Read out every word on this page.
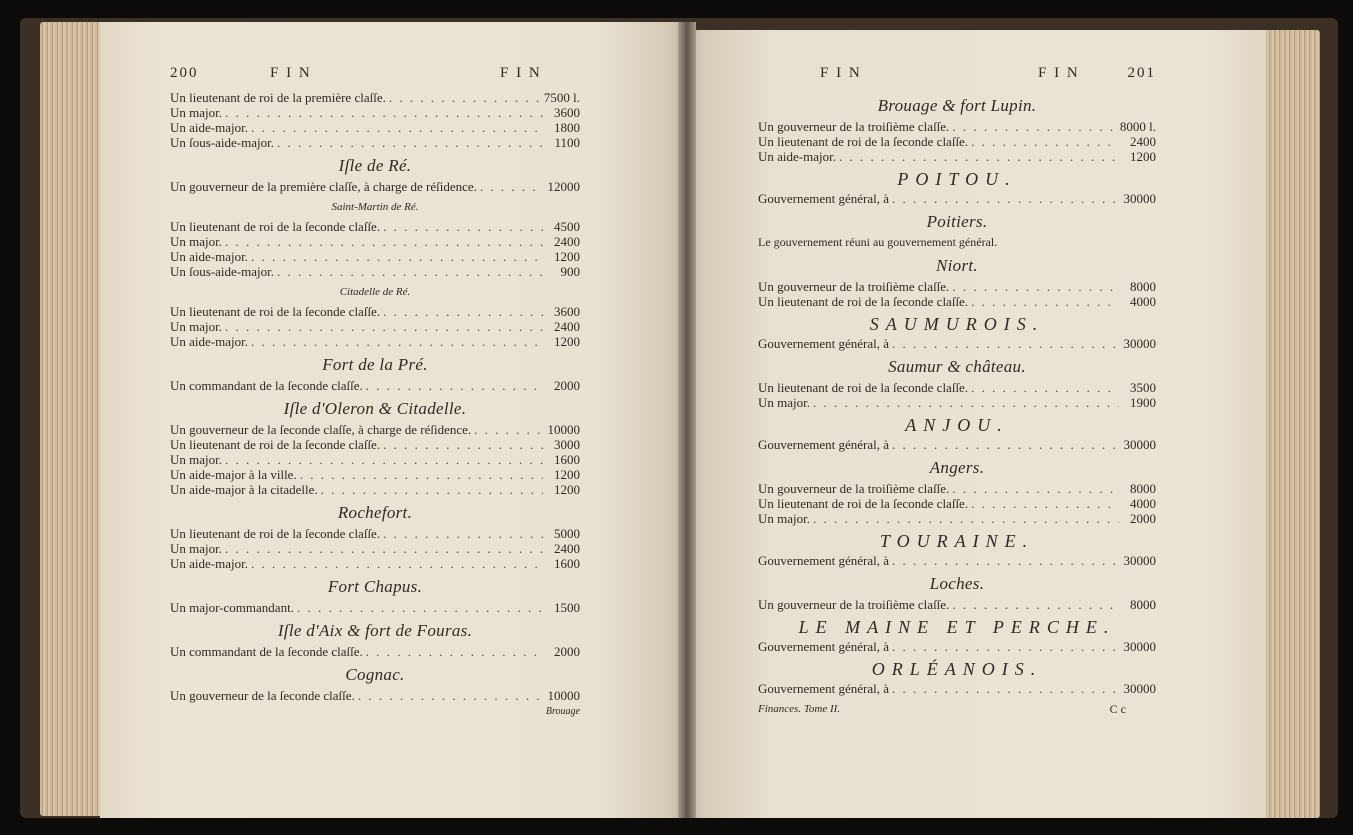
200	F I N	F I N
Un lieutenant de roi de la première claſſe. . . .	7500 l.
Un major. . . .	3600
Un aide-major. . . .	1800
Un ſous-aide-major. . . .	1100
Iſle de Ré.
Un gouverneur de la première claſſe, à charge de réſidence. . . .	12000
Saint-Martin de Ré.
Un lieutenant de roi de la ſeconde claſſe. . . .	4500
Un major. . . .	2400
Un aide-major. . . .	1200
Un ſous-aide-major. . . .	900
Citadelle de Ré.
Un lieutenant de roi de la ſeconde claſſe. . . .	3600
Un major. . . .	2400
Un aide-major. . . .	1200
Fort de la Pré.
Un commandant de la ſeconde claſſe. . . .	2000
Iſle d'Oleron & Citadelle.
Un gouverneur de la ſeconde claſſe, à charge de réſidence. . . .	10000
Un lieutenant de roi de la ſeconde claſſe. . . .	3000
Un major. . . .	1600
Un aide-major à la ville. . . .	1200
Un aide-major à la citadelle. . . .	1200
Rochefort.
Un lieutenant de roi de la ſeconde claſſe. . . .	5000
Un major. . . .	2400
Un aide-major. . . .	1600
Fort Chapus.
Un major-commandant. . . .	1500
Iſle d'Aix & fort de Fouras.
Un commandant de la ſeconde claſſe. . . .	2000
Cognac.
Un gouverneur de la ſeconde claſſe. . . .	10000
Brouage
F I N	F I N	201
Brouage & fort Lupin.
Un gouverneur de la troiſième claſſe. . . .	8000 l.
Un lieutenant de roi de la ſeconde claſſe. . . .	2400
Un aide-major. . . .	1200
POITOU.
Gouvernement général, à . . .	30000
Poitiers.
Le gouvernement réuni au gouvernement général.
Niort.
Un gouverneur de la troiſième claſſe. . . .	8000
Un lieutenant de roi de la ſeconde claſſe. . . .	4000
SAUMUROIS.
Gouvernement général, à . . .	30000
Saumur & château.
Un lieutenant de roi de la ſeconde claſſe. . . .	3500
Un major. . . .	1900
ANJOU.
Gouvernement général, à . . .	30000
Angers.
Un gouverneur de la troiſième claſſe. . . .	8000
Un lieutenant de roi de la ſeconde claſſe. . . .	4000
Un major. . . .	2000
TOURAINE.
Gouvernement général, à . . .	30000
Loches.
Un gouverneur de la troiſième claſſe. . . .	8000
LE MAINE ET PERCHE.
Gouvernement général, à . . .	30000
ORLÉANOIS.
Gouvernement général, à . . .	30000
Finances. Tome II.	C c
